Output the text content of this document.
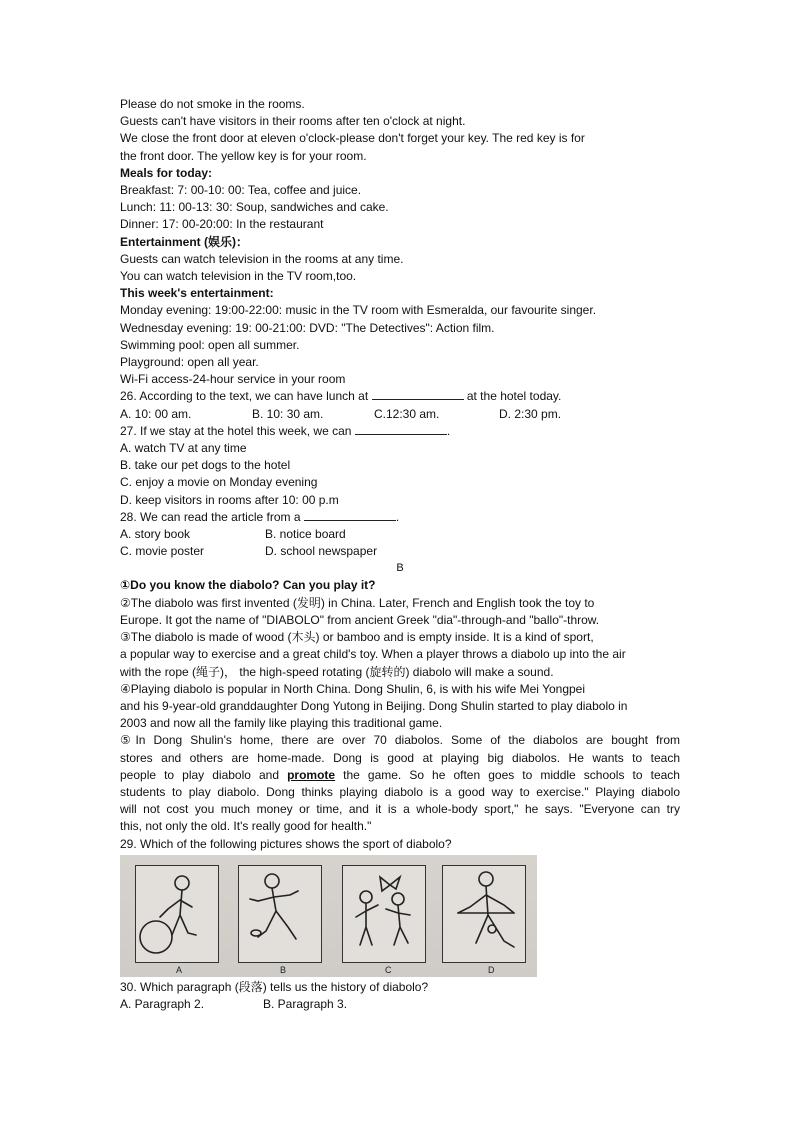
Please do not smoke in the rooms.
Guests can't have visitors in their rooms after ten o'clock at night.
We close the front door at eleven o'clock-please don't forget your key. The red key is for
the front door. The yellow key is for your room.
Meals for today:
Breakfast: 7: 00-10: 00: Tea, coffee and juice.
Lunch: 11: 00-13: 30: Soup, sandwiches and cake.
Dinner: 17: 00-20:00: In the restaurant
Entertainment (娱乐)：
Guests can watch television in the rooms at any time.
You can watch television in the TV room,too.
This week's entertainment:
Monday evening: 19:00-22:00: music in the TV room with Esmeralda, our favourite singer.
Wednesday evening: 19: 00-21:00: DVD: "The Detectives": Action film.
Swimming pool: open all summer.
Playground: open all year.
Wi-Fi access-24-hour service in your room
26. According to the text, we can have lunch at	at the hotel today.
A. 10: 00 am.	B. 10: 30 am.	C.12:30 am.	D. 2:30 pm.
27. If we stay at the hotel this week, we can	.
A. watch TV at any time
B. take our pet dogs to the hotel
C. enjoy a movie on Monday evening
D. keep visitors in rooms after 10: 00 p.m
28. We can read the article from a	.
A. story book	B. notice board
C. movie poster	D. school newspaper
B
①Do you know the diabolo? Can you play it?
②The diabolo was first invented (发明) in China. Later, French and English took the toy to
Europe. It got the name of "DIABOLO" from ancient Greek "dia"-through-and "ballo"-throw.
③The diabolo is made of wood (木头) or bamboo and is empty inside. It is a kind of sport,
a popular way to exercise and a great child's toy. When a player throws a diabolo up into the air
with the rope (绳子)， the high-speed rotating (旋转的) diabolo will make a sound.
④Playing diabolo is popular in North China. Dong Shulin, 6, is with his wife Mei Yongpei
and his 9-year-old granddaughter Dong Yutong in Beijing. Dong Shulin started to play diabolo in
2003 and now all the family like playing this traditional game.
⑤In Dong Shulin's home, there are over 70 diabolos. Some of the diabolos are bought from
stores and others are home-made. Dong is good at playing big diabolos. He wants to teach
people to play diabolo and promote the game. So he often goes to middle schools to teach
students to play diabolo. Dong thinks playing diabolo is a good way to exercise." Playing diabolo
will not cost you much money or time, and it is a whole-body sport," he says. "Everyone can try
this, not only the old. It's really good for health."
29. Which of the following pictures shows the sport of diabolo?
A	B	C	D
30. Which paragraph (段落) tells us the history of diabolo?
A. Paragraph 2.	B. Paragraph 3.
